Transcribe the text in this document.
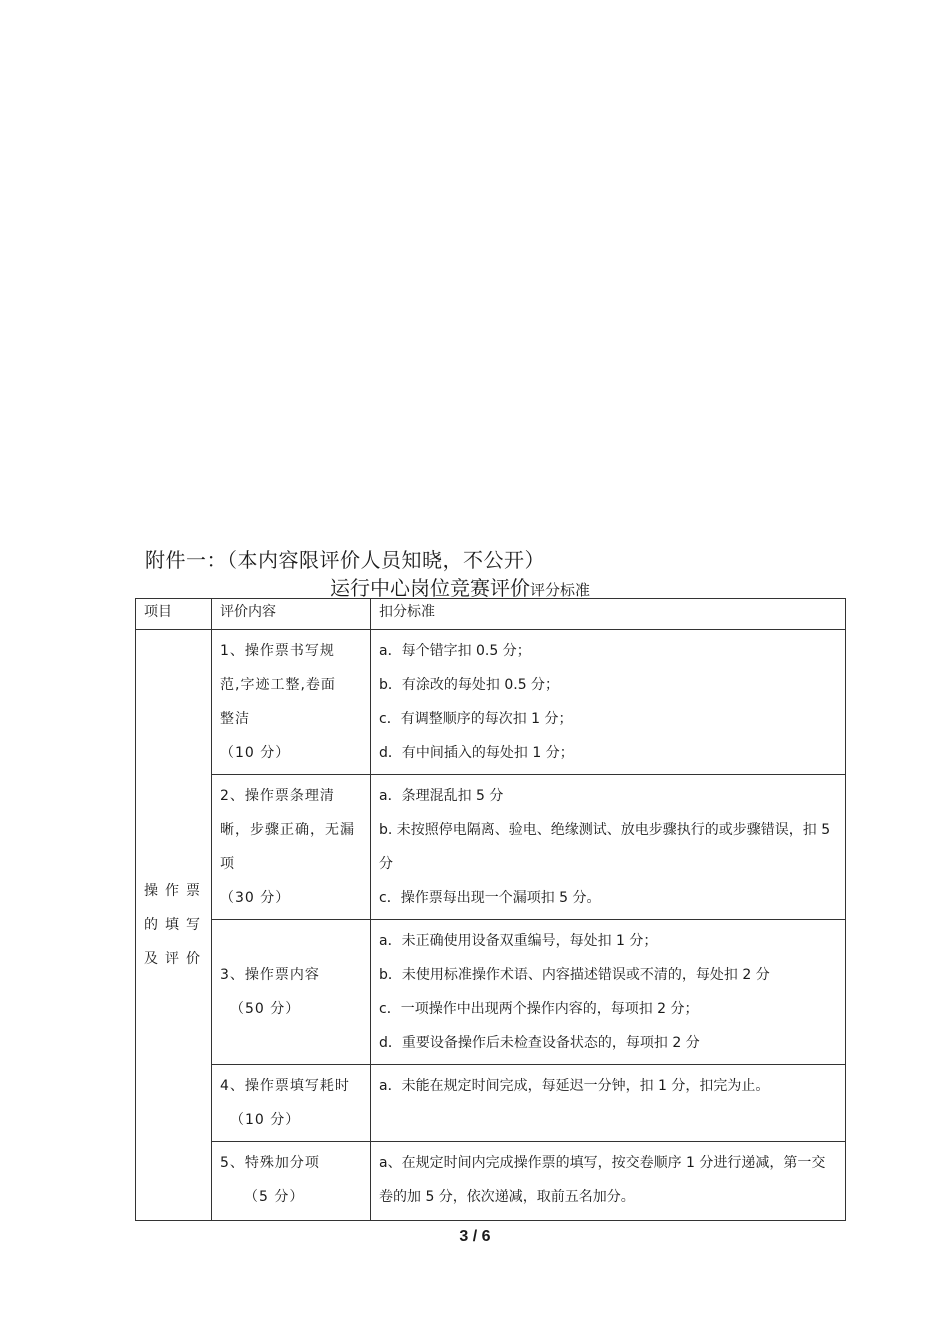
附件一：（本内容限评价人员知晓，不公开）
运行中心岗位竞赛评价评分标准
项目	评价内容	扣分标准

操作票
的填写
及评价	1、操作票书写规
范,字迹工整,卷面
整洁
（10 分）	a．每个错字扣 0.5 分；
b．有涂改的每处扣 0.5 分；
c．有调整顺序的每次扣 1 分；
d．有中间插入的每处扣 1 分；

	2、操作票条理清
晰，步骤正确，无漏
项
（30 分）	a．条理混乱扣 5 分
b. 未按照停电隔离、验电、绝缘测试、放电步骤执行的或步骤错误，扣 5 分
c．操作票每出现一个漏项扣 5 分。

	3、操作票内容
（50 分）	a．未正确使用设备双重编号，每处扣 1 分；
b．未使用标准操作术语、内容描述错误或不清的，每处扣 2 分
c．一项操作中出现两个操作内容的，每项扣 2 分；
d．重要设备操作后未检查设备状态的，每项扣 2 分

	4、操作票填写耗时
（10 分）	a．未能在规定时间完成，每延迟一分钟，扣 1 分，扣完为止。

	5、特殊加分项
（5 分）	a、在规定时间内完成操作票的填写，按交卷顺序 1 分进行递减，第一交卷的加 5 分，依次递减，取前五名加分。
3 / 6
